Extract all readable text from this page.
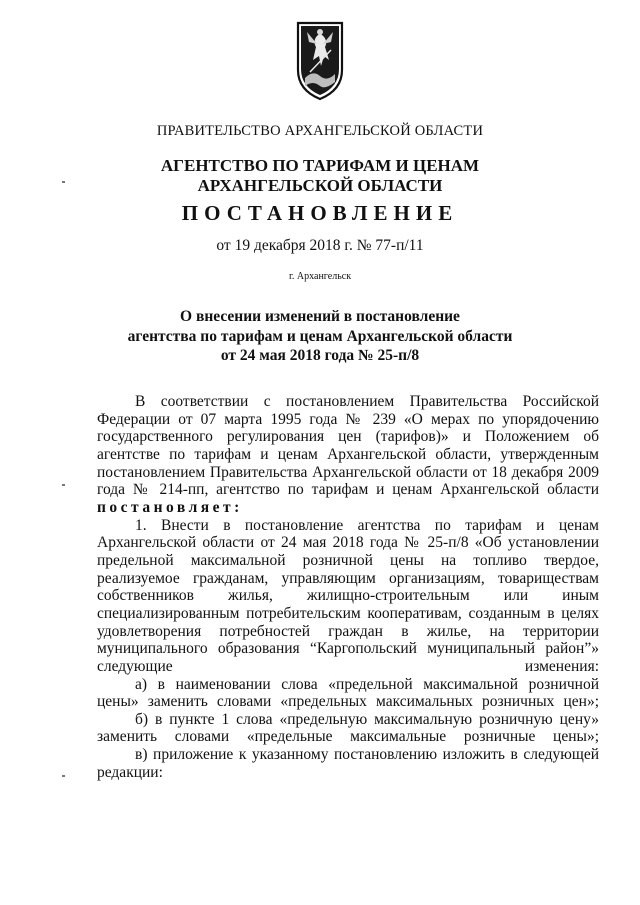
ПРАВИТЕЛЬСТВО АРХАНГЕЛЬСКОЙ ОБЛАСТИ
АГЕНТСТВО ПО ТАРИФАМ И ЦЕНАМ
АРХАНГЕЛЬСКОЙ ОБЛАСТИ
ПОСТАНОВЛЕНИЕ
от 19 декабря 2018 г. № 77-п/11
г. Архангельск
О внесении изменений в постановление
агентства по тарифам и ценам Архангельской области
от 24 мая 2018 года № 25-п/8

В соответствии с постановлением Правительства Российской Федерации от 07 марта 1995 года № 239 «О мерах по упорядочению государственного регулирования цен (тарифов)» и Положением об агентстве по тарифам и ценам Архангельской области, утвержденным постановлением Правительства Архангельской области от 18 декабря 2009 года № 214-пп, агентство по тарифам и ценам Архангельской области постановляет:

1. Внести в постановление агентства по тарифам и ценам Архангельской области от 24 мая 2018 года № 25-п/8 «Об установлении предельной максимальной розничной цены на топливо твердое, реализуемое гражданам, управляющим организациям, товариществам собственников жилья, жилищно-строительным или иным специализированным потребительским кооперативам, созданным в целях удовлетворения потребностей граждан в жилье, на территории муниципального образования “Каргопольский муниципальный район”» следующие изменения:

а) в наименовании слова «предельной максимальной розничной цены» заменить словами «предельных максимальных розничных цен»;

б) в пункте 1 слова «предельную максимальную розничную цену» заменить словами «предельные максимальные розничные цены»;

в) приложение к указанному постановлению изложить в следующей редакции:
